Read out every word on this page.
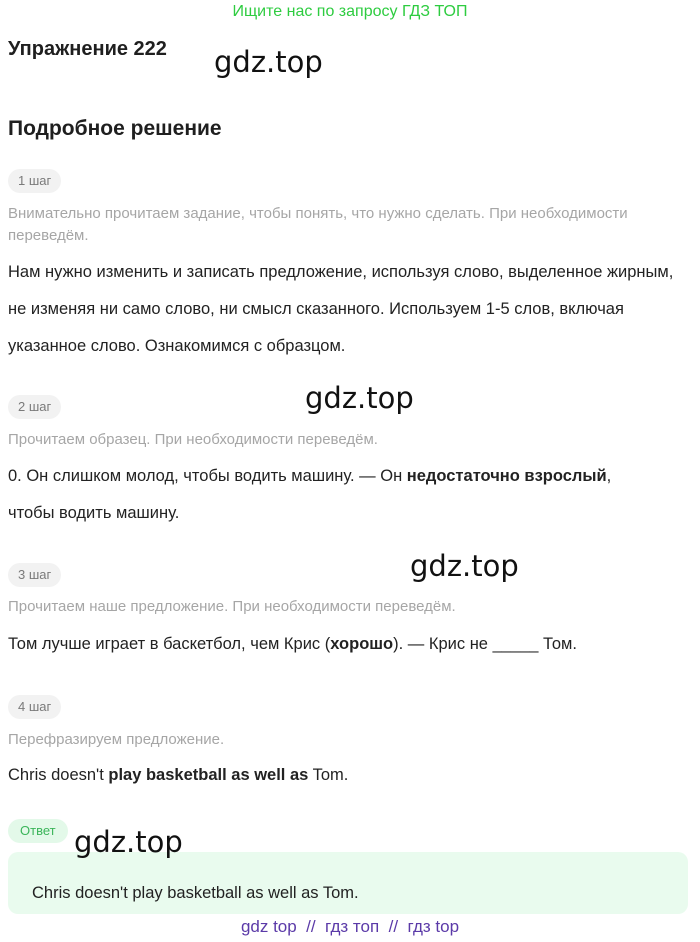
Ищите нас по запросу ГДЗ ТОП
Упражнение 222 gdz.top
Подробное решение
1 шаг
Внимательно прочитаем задание, чтобы понять, что нужно сделать. При необходимости переведём.
Нам нужно изменить и записать предложение, используя слово, выделенное жирным, не изменяя ни само слово, ни смысл сказанного. Используем 1-5 слов, включая указанное слово. Ознакомимся с образцом.
2 шаг	gdz.top
Прочитаем образец. При необходимости переведём.
0. Он слишком молод, чтобы водить машину. — Он недостаточно взрослый,
чтобы водить машину.
3 шаг	gdz.top
Прочитаем наше предложение. При необходимости переведём.
Том лучше играет в баскетбол, чем Крис (хорошо). — Крис не _____ Том.
4 шаг
Перефразируем предложение.
Chris doesn't play basketball as well as Tom.
Ответ gdz.top
Chris doesn't play basketball as well as Tom.
gdz top  //  гдз топ  //  гдз top
